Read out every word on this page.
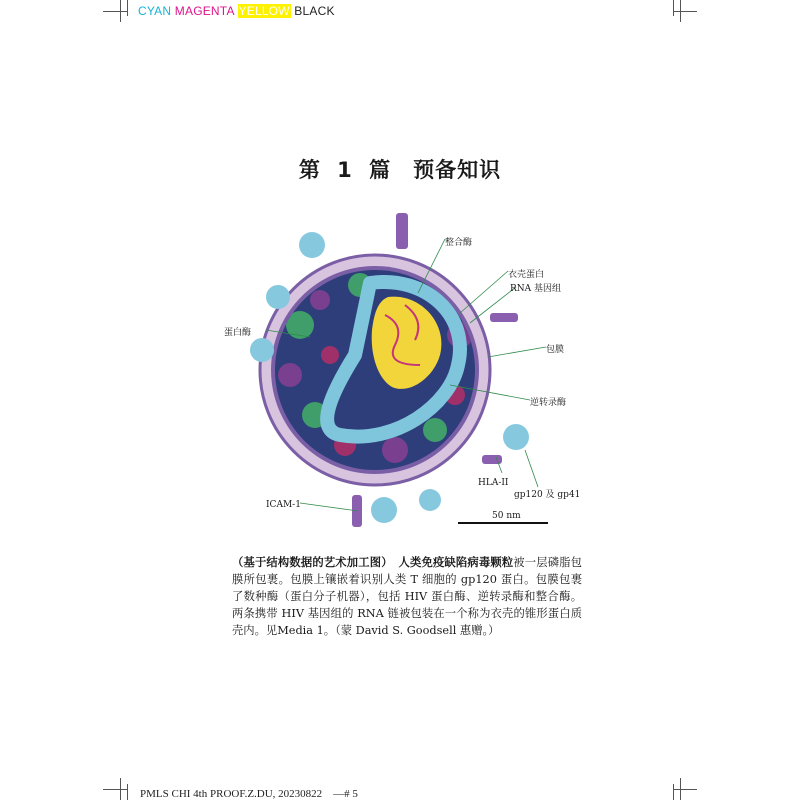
CYAN MAGENTA YELLOW BLACK
第 1 篇　预备知识
整合酶
衣壳蛋白
RNA 基因组
蛋白酶
包膜
逆转录酶
HLA-II
gp120 及 gp41
ICAM-1
50 nm
（基于结构数据的艺术加工图）　人类免疫缺陷病毒颗粒被一层磷脂包膜所包裹。包膜上镶嵌着识别人类 T 细胞的 gp120 蛋白。包膜包裹了数种酶（蛋白分子机器），包括 HIV 蛋白酶、逆转录酶和整合酶。两条携带 HIV 基因组的 RNA 链被包装在一个称为衣壳的锥形蛋白质壳内。见Media 1。（蒙 David S. Goodsell 惠赠。）
PMLS CHI 4th PROOF.Z.DU, 20230822　—# 5
